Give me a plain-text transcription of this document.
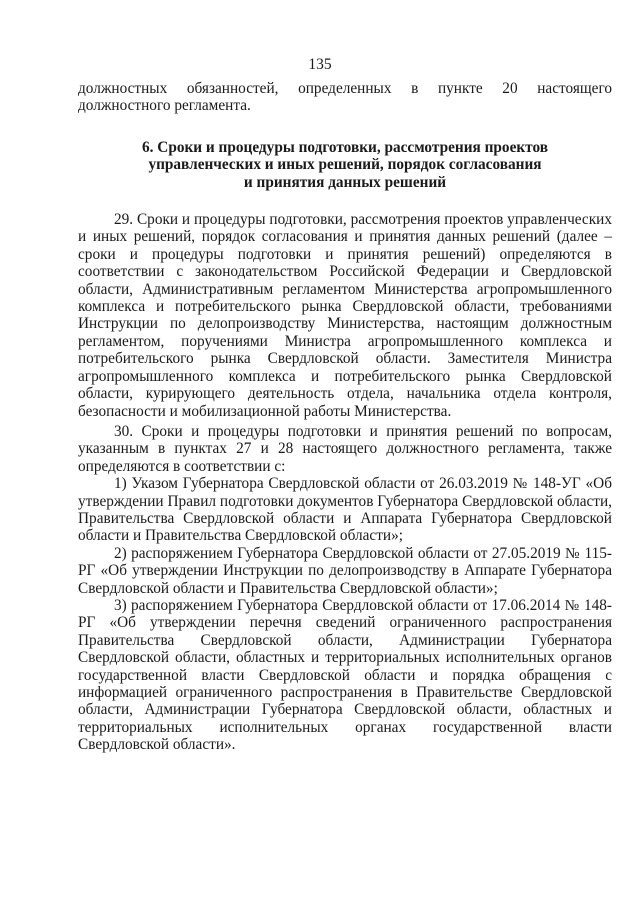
135

должностных обязанностей, определенных в пункте 20 настоящего должностного регламента.

6. Сроки и процедуры подготовки, рассмотрения проектов
управленческих и иных решений, порядок согласования
и принятия данных решений

29. Сроки и процедуры подготовки, рассмотрения проектов управленческих и иных решений, порядок согласования и принятия данных решений (далее – сроки и процедуры подготовки и принятия решений) определяются в соответствии с законодательством Российской Федерации и Свердловской области, Административным регламентом Министерства агропромышленного комплекса и потребительского рынка Свердловской области, требованиями Инструкции по делопроизводству Министерства, настоящим должностным регламентом, поручениями Министра агропромышленного комплекса и потребительского рынка Свердловской области. Заместителя Министра агропромышленного комплекса и потребительского рынка Свердловской области, курирующего деятельность отдела, начальника отдела контроля, безопасности и мобилизационной работы Министерства.

30. Сроки и процедуры подготовки и принятия решений по вопросам, указанным в пунктах 27 и 28 настоящего должностного регламента, также определяются в соответствии с:

1) Указом Губернатора Свердловской области от 26.03.2019 № 148-УГ «Об утверждении Правил подготовки документов Губернатора Свердловской области, Правительства Свердловской области и Аппарата Губернатора Свердловской области и Правительства Свердловской области»;

2) распоряжением Губернатора Свердловской области от 27.05.2019 № 115-РГ «Об утверждении Инструкции по делопроизводству в Аппарате Губернатора Свердловской области и Правительства Свердловской области»;

3) распоряжением Губернатора Свердловской области от 17.06.2014 № 148-РГ «Об утверждении перечня сведений ограниченного распространения Правительства Свердловской области, Администрации Губернатора Свердловской области, областных и территориальных исполнительных органов государственной власти Свердловской области и порядка обращения с информацией ограниченного распространения в Правительстве Свердловской области, Администрации Губернатора Свердловской области, областных и территориальных исполнительных органах государственной власти Свердловской области».
